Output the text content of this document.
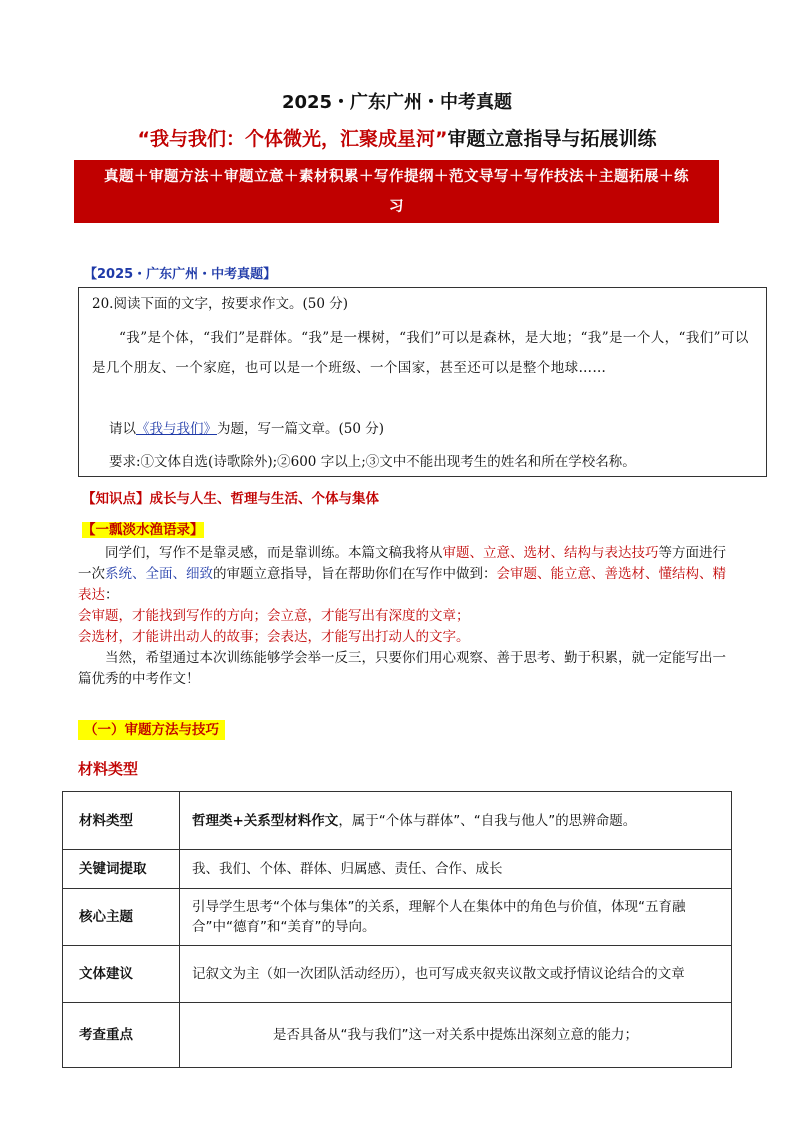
2025・广东广州・中考真题
“我与我们：个体微光，汇聚成星河”审题立意指导与拓展训练
真题＋审题方法＋审题立意＋素材积累＋写作提纲＋范文导写＋写作技法＋主题拓展＋练
习
【2025・广东广州・中考真题】
20.阅读下面的文字，按要求作文。(50 分)
“我”是个体，“我们”是群体。“我”是一棵树，“我们”可以是森林，是大地；“我”是一个人，“我们”可以是几个朋友、一个家庭，也可以是一个班级、一个国家，甚至还可以是整个地球……
请以《我与我们》为题，写一篇文章。(50 分)
要求:①文体自选(诗歌除外);②600 字以上;③文中不能出现考生的姓名和所在学校名称。
【知识点】成长与人生、哲理与生活、个体与集体
【一瓢淡水渔语录】
同学们，写作不是靠灵感，而是靠训练。本篇文稿我将从审题、立意、选材、结构与表达技巧等方面进行一次系统、全面、细致的审题立意指导，旨在帮助你们在写作中做到：会审题、能立意、善选材、懂结构、精表达：
会审题，才能找到写作的方向；会立意，才能写出有深度的文章；
会选材，才能讲出动人的故事；会表达，才能写出打动人的文字。
当然，希望通过本次训练能够学会举一反三，只要你们用心观察、善于思考、勤于积累，就一定能写出一篇优秀的中考作文！
（一）审题方法与技巧
材料类型
材料类型	哲理类+关系型材料作文，属于“个体与群体”、“自我与他人”的思辨命题。
关键词提取	我、我们、个体、群体、归属感、责任、合作、成长
核心主题	引导学生思考“个体与集体”的关系，理解个人在集体中的角色与价值，体现“五育融合”中“德育”和“美育”的导向。
文体建议	记叙文为主（如一次团队活动经历），也可写成夹叙夹议散文或抒情议论结合的文章
考查重点	是否具备从“我与我们”这一对关系中提炼出深刻立意的能力；
